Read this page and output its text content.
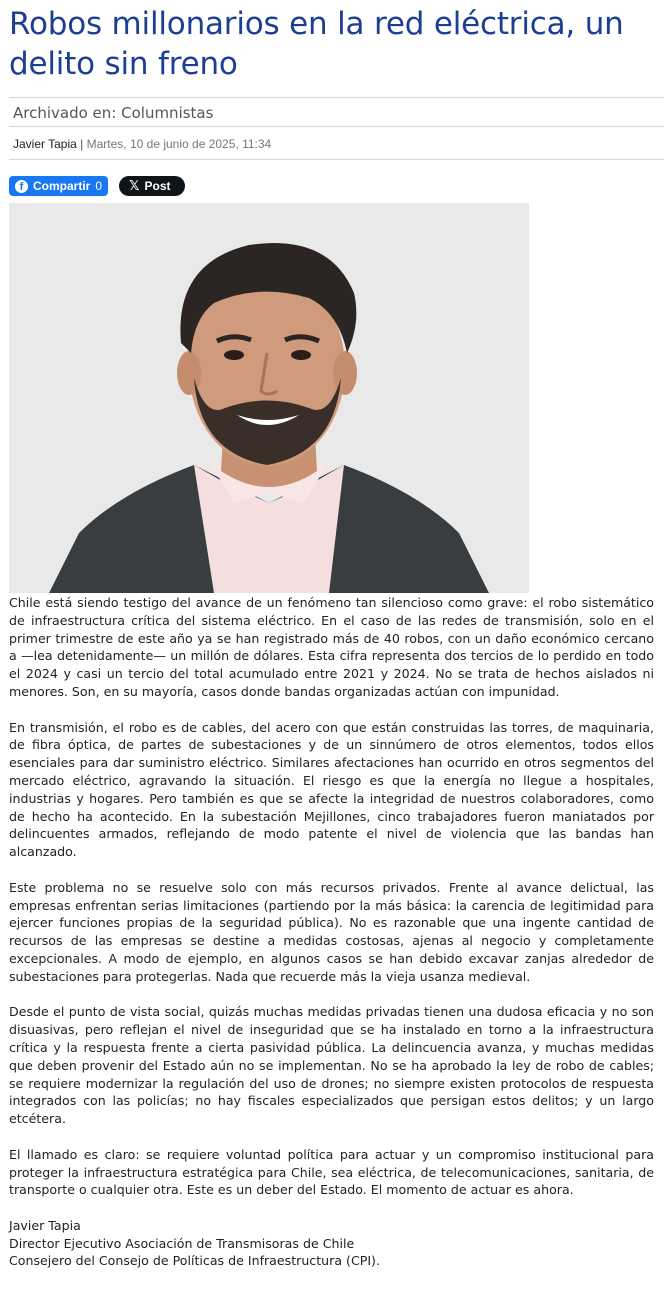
Robos millonarios en la red eléctrica, un delito sin freno
Archivado en: Columnistas
Javier Tapia | Martes, 10 de junio de 2025, 11:34
f Compartir 0 𝕏 Post

Chile está siendo testigo del avance de un fenómeno tan silencioso como grave: el robo sistemático de infraestructura crítica del sistema eléctrico. En el caso de las redes de transmisión, solo en el primer trimestre de este año ya se han registrado más de 40 robos, con un daño económico cercano a —lea detenidamente— un millón de dólares. Esta cifra representa dos tercios de lo perdido en todo el 2024 y casi un tercio del total acumulado entre 2021 y 2024. No se trata de hechos aislados ni menores. Son, en su mayoría, casos donde bandas organizadas actúan con impunidad.

En transmisión, el robo es de cables, del acero con que están construidas las torres, de maquinaria, de fibra óptica, de partes de subestaciones y de un sinnúmero de otros elementos, todos ellos esenciales para dar suministro eléctrico. Similares afectaciones han ocurrido en otros segmentos del mercado eléctrico, agravando la situación. El riesgo es que la energía no llegue a hospitales, industrias y hogares. Pero también es que se afecte la integridad de nuestros colaboradores, como de hecho ha acontecido. En la subestación Mejillones, cinco trabajadores fueron maniatados por delincuentes armados, reflejando de modo patente el nivel de violencia que las bandas han alcanzado.

Este problema no se resuelve solo con más recursos privados. Frente al avance delictual, las empresas enfrentan serias limitaciones (partiendo por la más básica: la carencia de legitimidad para ejercer funciones propias de la seguridad pública). No es razonable que una ingente cantidad de recursos de las empresas se destine a medidas costosas, ajenas al negocio y completamente excepcionales. A modo de ejemplo, en algunos casos se han debido excavar zanjas alrededor de subestaciones para protegerlas. Nada que recuerde más la vieja usanza medieval.

Desde el punto de vista social, quizás muchas medidas privadas tienen una dudosa eficacia y no son disuasivas, pero reflejan el nivel de inseguridad que se ha instalado en torno a la infraestructura crítica y la respuesta frente a cierta pasividad pública. La delincuencia avanza, y muchas medidas que deben provenir del Estado aún no se implementan. No se ha aprobado la ley de robo de cables; se requiere modernizar la regulación del uso de drones; no siempre existen protocolos de respuesta integrados con las policías; no hay fiscales especializados que persigan estos delitos; y un largo etcétera.

El llamado es claro: se requiere voluntad política para actuar y un compromiso institucional para proteger la infraestructura estratégica para Chile, sea eléctrica, de telecomunicaciones, sanitaria, de transporte o cualquier otra. Este es un deber del Estado. El momento de actuar es ahora.

Javier Tapia
Director Ejecutivo Asociación de Transmisoras de Chile
Consejero del Consejo de Políticas de Infraestructura (CPI).
